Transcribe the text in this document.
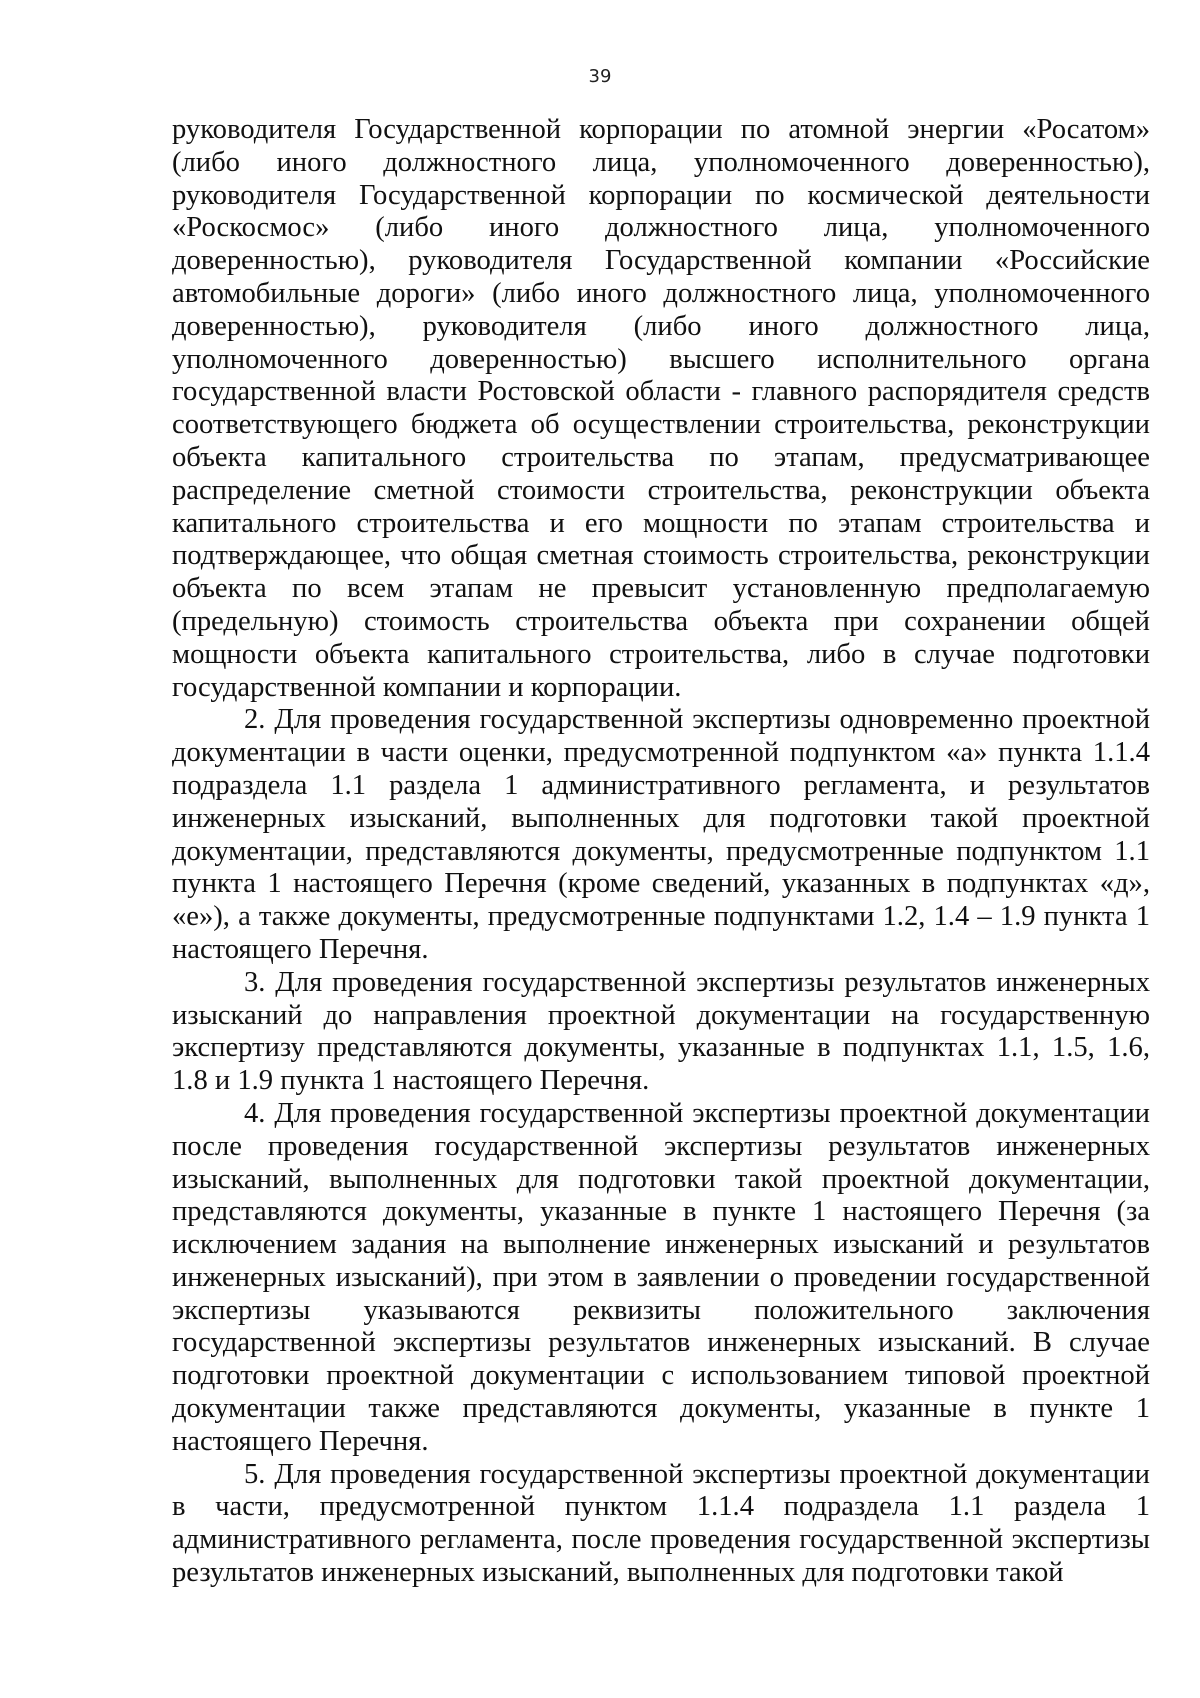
39

руководителя Государственной корпорации по атомной энергии «Росатом» (либо иного должностного лица, уполномоченного доверенностью), руководителя Государственной корпорации по космической деятельности «Роскосмос» (либо иного должностного лица, уполномоченного доверенностью), руководителя Государственной компании «Российские автомобильные дороги» (либо иного должностного лица, уполномоченного доверенностью), руководителя (либо иного должностного лица, уполномоченного доверенностью) высшего исполнительного органа государственной власти Ростовской области - главного распорядителя средств соответствующего бюджета об осуществлении строительства, реконструкции объекта капитального строительства по этапам, предусматривающее распределение сметной стоимости строительства, реконструкции объекта капитального строительства и его мощности по этапам строительства и подтверждающее, что общая сметная стоимость строительства, реконструкции объекта по всем этапам не превысит установленную предполагаемую (предельную) стоимость строительства объекта при сохранении общей мощности объекта капитального строительства, либо в случае подготовки государственной компании и корпорации.

2. Для проведения государственной экспертизы одновременно проектной документации в части оценки, предусмотренной подпунктом «а» пункта 1.1.4 подраздела 1.1 раздела 1 административного регламента, и результатов инженерных изысканий, выполненных для подготовки такой проектной документации, представляются документы, предусмотренные подпунктом 1.1 пункта 1 настоящего Перечня (кроме сведений, указанных в подпунктах «д», «е»), а также документы, предусмотренные подпунктами 1.2, 1.4 – 1.9 пункта 1 настоящего Перечня.

3. Для проведения государственной экспертизы результатов инженерных изысканий до направления проектной документации на государственную экспертизу представляются документы, указанные в подпунктах 1.1, 1.5, 1.6, 1.8 и 1.9 пункта 1 настоящего Перечня.

4. Для проведения государственной экспертизы проектной документации после проведения государственной экспертизы результатов инженерных изысканий, выполненных для подготовки такой проектной документации, представляются документы, указанные в пункте 1 настоящего Перечня (за исключением задания на выполнение инженерных изысканий и результатов инженерных изысканий), при этом в заявлении о проведении государственной экспертизы указываются реквизиты положительного заключения государственной экспертизы результатов инженерных изысканий. В случае подготовки проектной документации с использованием типовой проектной документации также представляются документы, указанные в пункте 1 настоящего Перечня.

5. Для проведения государственной экспертизы проектной документации в части, предусмотренной пунктом 1.1.4 подраздела 1.1 раздела 1 административного регламента, после проведения государственной экспертизы результатов инженерных изысканий, выполненных для подготовки такой
